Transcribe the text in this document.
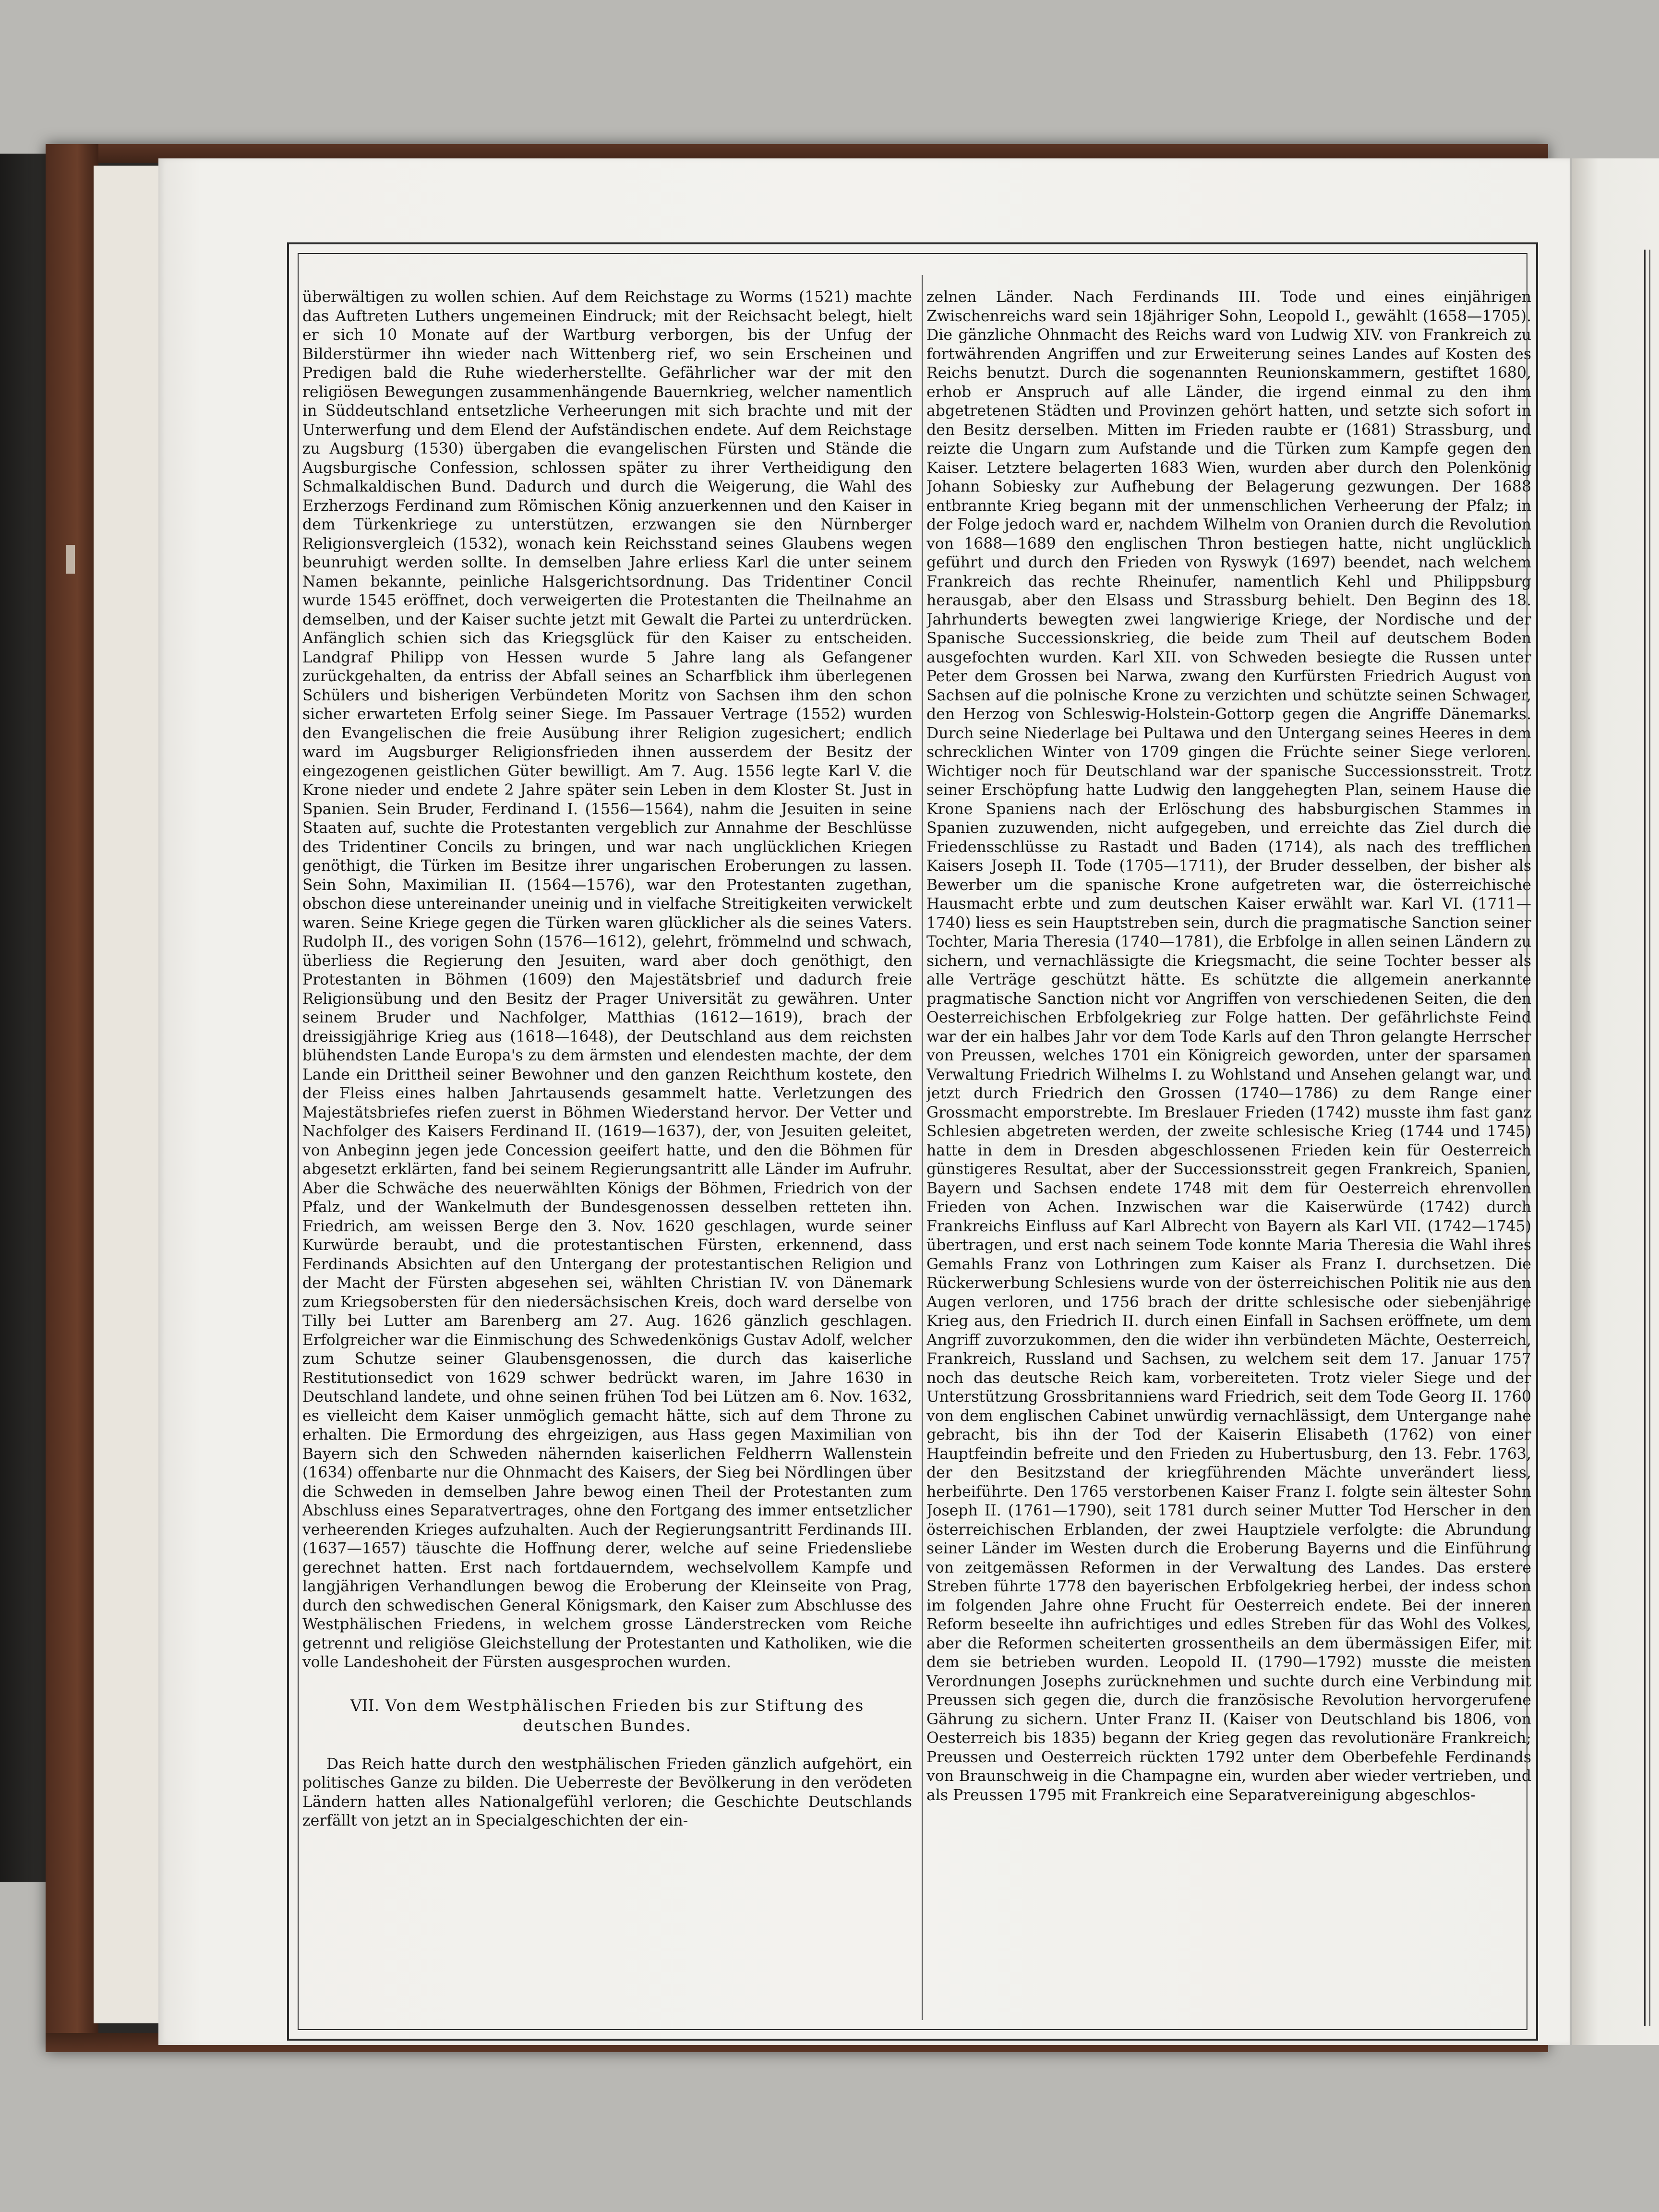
überwältigen zu wollen schien. Auf dem Reichstage zu Worms (1521) machte das Auftreten Luthers ungemeinen Eindruck; mit der Reichsacht belegt, hielt er sich 10 Monate auf der Wartburg verborgen, bis der Unfug der Bilderstürmer ihn wieder nach Wittenberg rief, wo sein Erscheinen und Predigen bald die Ruhe wiederherstellte. Gefährlicher war der mit den religiösen Bewegungen zusammenhängende Bauernkrieg, welcher namentlich in Süddeutschland entsetzliche Verheerungen mit sich brachte und mit der Unterwerfung und dem Elend der Aufständischen endete. Auf dem Reichstage zu Augsburg (1530) übergaben die evangelischen Fürsten und Stände die Augsburgische Confession, schlossen später zu ihrer Vertheidigung den Schmalkaldischen Bund. Dadurch und durch die Weigerung, die Wahl des Erzherzogs Ferdinand zum Römischen König anzuerkennen und den Kaiser in dem Türkenkriege zu unterstützen, erzwangen sie den Nürnberger Religionsvergleich (1532), wonach kein Reichsstand seines Glaubens wegen beunruhigt werden sollte. In demselben Jahre erliess Karl die unter seinem Namen bekannte, peinliche Halsgerichtsordnung. Das Tridentiner Concil wurde 1545 eröffnet, doch verweigerten die Protestanten die Theilnahme an demselben, und der Kaiser suchte jetzt mit Gewalt die Partei zu unterdrücken. Anfänglich schien sich das Kriegsglück für den Kaiser zu entscheiden. Landgraf Philipp von Hessen wurde 5 Jahre lang als Gefangener zurückgehalten, da entriss der Abfall seines an Scharfblick ihm überlegenen Schülers und bisherigen Verbündeten Moritz von Sachsen ihm den schon sicher erwarteten Erfolg seiner Siege. Im Passauer Vertrage (1552) wurden den Evangelischen die freie Ausübung ihrer Religion zugesichert; endlich ward im Augsburger Religionsfrieden ihnen ausserdem der Besitz der eingezogenen geistlichen Güter bewilligt. Am 7. Aug. 1556 legte Karl V. die Krone nieder und endete 2 Jahre später sein Leben in dem Kloster St. Just in Spanien. Sein Bruder, Ferdinand I. (1556—1564), nahm die Jesuiten in seine Staaten auf, suchte die Protestanten vergeblich zur Annahme der Beschlüsse des Tridentiner Concils zu bringen, und war nach unglücklichen Kriegen genöthigt, die Türken im Besitze ihrer ungarischen Eroberungen zu lassen. Sein Sohn, Maximilian II. (1564—1576), war den Protestanten zugethan, obschon diese untereinander uneinig und in vielfache Streitigkeiten verwickelt waren. Seine Kriege gegen die Türken waren glücklicher als die seines Vaters. Rudolph II., des vorigen Sohn (1576—1612), gelehrt, frömmelnd und schwach, überliess die Regierung den Jesuiten, ward aber doch genöthigt, den Protestanten in Böhmen (1609) den Majestätsbrief und dadurch freie Religionsübung und den Besitz der Prager Universität zu gewähren. Unter seinem Bruder und Nachfolger, Matthias (1612—1619), brach der dreissigjährige Krieg aus (1618—1648), der Deutschland aus dem reichsten blühendsten Lande Europa's zu dem ärmsten und elendesten machte, der dem Lande ein Drittheil seiner Bewohner und den ganzen Reichthum kostete, den der Fleiss eines halben Jahrtausends gesammelt hatte. Verletzungen des Majestätsbriefes riefen zuerst in Böhmen Wiederstand hervor. Der Vetter und Nachfolger des Kaisers Ferdinand II. (1619—1637), der, von Jesuiten geleitet, von Anbeginn jegen jede Concession geeifert hatte, und den die Böhmen für abgesetzt erklärten, fand bei seinem Regierungsantritt alle Länder im Aufruhr. Aber die Schwäche des neuerwählten Königs der Böhmen, Friedrich von der Pfalz, und der Wankelmuth der Bundesgenossen desselben retteten ihn. Friedrich, am weissen Berge den 3. Nov. 1620 geschlagen, wurde seiner Kurwürde beraubt, und die protestantischen Fürsten, erkennend, dass Ferdinands Absichten auf den Untergang der protestantischen Religion und der Macht der Fürsten abgesehen sei, wählten Christian IV. von Dänemark zum Kriegsobersten für den niedersächsischen Kreis, doch ward derselbe von Tilly bei Lutter am Barenberg am 27. Aug. 1626 gänzlich geschlagen. Erfolgreicher war die Einmischung des Schwedenkönigs Gustav Adolf, welcher zum Schutze seiner Glaubensgenossen, die durch das kaiserliche Restitutionsedict von 1629 schwer bedrückt waren, im Jahre 1630 in Deutschland landete, und ohne seinen frühen Tod bei Lützen am 6. Nov. 1632, es vielleicht dem Kaiser unmöglich gemacht hätte, sich auf dem Throne zu erhalten. Die Ermordung des ehrgeizigen, aus Hass gegen Maximilian von Bayern sich den Schweden nähernden kaiserlichen Feldherrn Wallenstein (1634) offenbarte nur die Ohnmacht des Kaisers, der Sieg bei Nördlingen über die Schweden in demselben Jahre bewog einen Theil der Protestanten zum Abschluss eines Separatvertrages, ohne den Fortgang des immer entsetzlicher verheerenden Krieges aufzuhalten. Auch der Regierungsantritt Ferdinands III. (1637—1657) täuschte die Hoffnung derer, welche auf seine Friedensliebe gerechnet hatten. Erst nach fortdauerndem, wechselvollem Kampfe und langjährigen Verhandlungen bewog die Eroberung der Kleinseite von Prag, durch den schwedischen General Königsmark, den Kaiser zum Abschlusse des Westphälischen Friedens, in welchem grosse Länderstrecken vom Reiche getrennt und religiöse Gleichstellung der Protestanten und Katholiken, wie die volle Landeshoheit der Fürsten ausgesprochen wurden.

VII. Von dem Westphälischen Frieden bis zur Stiftung des deutschen Bundes.

Das Reich hatte durch den westphälischen Frieden gänzlich aufgehört, ein politisches Ganze zu bilden. Die Ueberreste der Bevölkerung in den verödeten Ländern hatten alles Nationalgefühl verloren; die Geschichte Deutschlands zerfällt von jetzt an in Specialgeschichten der ein-

zelnen Länder. Nach Ferdinands III. Tode und eines einjährigen Zwischenreichs ward sein 18jähriger Sohn, Leopold I., gewählt (1658—1705). Die gänzliche Ohnmacht des Reichs ward von Ludwig XIV. von Frankreich zu fortwährenden Angriffen und zur Erweiterung seines Landes auf Kosten des Reichs benutzt. Durch die sogenannten Reunionskammern, gestiftet 1680, erhob er Anspruch auf alle Länder, die irgend einmal zu den ihm abgetretenen Städten und Provinzen gehört hatten, und setzte sich sofort in den Besitz derselben. Mitten im Frieden raubte er (1681) Strassburg, und reizte die Ungarn zum Aufstande und die Türken zum Kampfe gegen den Kaiser. Letztere belagerten 1683 Wien, wurden aber durch den Polenkönig Johann Sobiesky zur Aufhebung der Belagerung gezwungen. Der 1688 entbrannte Krieg begann mit der unmenschlichen Verheerung der Pfalz; in der Folge jedoch ward er, nachdem Wilhelm von Oranien durch die Revolution von 1688—1689 den englischen Thron bestiegen hatte, nicht unglücklich geführt und durch den Frieden von Ryswyk (1697) beendet, nach welchem Frankreich das rechte Rheinufer, namentlich Kehl und Philippsburg herausgab, aber den Elsass und Strassburg behielt. Den Beginn des 18. Jahrhunderts bewegten zwei langwierige Kriege, der Nordische und der Spanische Successionskrieg, die beide zum Theil auf deutschem Boden ausgefochten wurden. Karl XII. von Schweden besiegte die Russen unter Peter dem Grossen bei Narwa, zwang den Kurfürsten Friedrich August von Sachsen auf die polnische Krone zu verzichten und schützte seinen Schwager, den Herzog von Schleswig-Holstein-Gottorp gegen die Angriffe Dänemarks. Durch seine Niederlage bei Pultawa und den Untergang seines Heeres in dem schrecklichen Winter von 1709 gingen die Früchte seiner Siege verloren. Wichtiger noch für Deutschland war der spanische Successionsstreit. Trotz seiner Erschöpfung hatte Ludwig den langgehegten Plan, seinem Hause die Krone Spaniens nach der Erlöschung des habsburgischen Stammes in Spanien zuzuwenden, nicht aufgegeben, und erreichte das Ziel durch die Friedensschlüsse zu Rastadt und Baden (1714), als nach des trefflichen Kaisers Joseph II. Tode (1705—1711), der Bruder desselben, der bisher als Bewerber um die spanische Krone aufgetreten war, die österreichische Hausmacht erbte und zum deutschen Kaiser erwählt war. Karl VI. (1711—1740) liess es sein Hauptstreben sein, durch die pragmatische Sanction seiner Tochter, Maria Theresia (1740—1781), die Erbfolge in allen seinen Ländern zu sichern, und vernachlässigte die Kriegsmacht, die seine Tochter besser als alle Verträge geschützt hätte. Es schützte die allgemein anerkannte pragmatische Sanction nicht vor Angriffen von verschiedenen Seiten, die den Oesterreichischen Erbfolgekrieg zur Folge hatten. Der gefährlichste Feind war der ein halbes Jahr vor dem Tode Karls auf den Thron gelangte Herrscher von Preussen, welches 1701 ein Königreich geworden, unter der sparsamen Verwaltung Friedrich Wilhelms I. zu Wohlstand und Ansehen gelangt war, und jetzt durch Friedrich den Grossen (1740—1786) zu dem Range einer Grossmacht emporstrebte. Im Breslauer Frieden (1742) musste ihm fast ganz Schlesien abgetreten werden, der zweite schlesische Krieg (1744 und 1745) hatte in dem in Dresden abgeschlossenen Frieden kein für Oesterreich günstigeres Resultat, aber der Successionsstreit gegen Frankreich, Spanien, Bayern und Sachsen endete 1748 mit dem für Oesterreich ehrenvollen Frieden von Achen. Inzwischen war die Kaiserwürde (1742) durch Frankreichs Einfluss auf Karl Albrecht von Bayern als Karl VII. (1742—1745) übertragen, und erst nach seinem Tode konnte Maria Theresia die Wahl ihres Gemahls Franz von Lothringen zum Kaiser als Franz I. durchsetzen. Die Rückerwerbung Schlesiens wurde von der österreichischen Politik nie aus den Augen verloren, und 1756 brach der dritte schlesische oder siebenjährige Krieg aus, den Friedrich II. durch einen Einfall in Sachsen eröffnete, um dem Angriff zuvorzukommen, den die wider ihn verbündeten Mächte, Oesterreich, Frankreich, Russland und Sachsen, zu welchem seit dem 17. Januar 1757 noch das deutsche Reich kam, vorbereiteten. Trotz vieler Siege und der Unterstützung Grossbritanniens ward Friedrich, seit dem Tode Georg II. 1760 von dem englischen Cabinet unwürdig vernachlässigt, dem Untergange nahe gebracht, bis ihn der Tod der Kaiserin Elisabeth (1762) von einer Hauptfeindin befreite und den Frieden zu Hubertusburg, den 13. Febr. 1763, der den Besitzstand der kriegführenden Mächte unverändert liess, herbeiführte. Den 1765 verstorbenen Kaiser Franz I. folgte sein ältester Sohn Joseph II. (1761—1790), seit 1781 durch seiner Mutter Tod Herscher in den österreichischen Erblanden, der zwei Hauptziele verfolgte: die Abrundung seiner Länder im Westen durch die Eroberung Bayerns und die Einführung von zeitgemässen Reformen in der Verwaltung des Landes. Das erstere Streben führte 1778 den bayerischen Erbfolgekrieg herbei, der indess schon im folgenden Jahre ohne Frucht für Oesterreich endete. Bei der inneren Reform beseelte ihn aufrichtiges und edles Streben für das Wohl des Volkes, aber die Reformen scheiterten grossentheils an dem übermässigen Eifer, mit dem sie betrieben wurden. Leopold II. (1790—1792) musste die meisten Verordnungen Josephs zurücknehmen und suchte durch eine Verbindung mit Preussen sich gegen die, durch die französische Revolution hervorgerufene Gährung zu sichern. Unter Franz II. (Kaiser von Deutschland bis 1806, von Oesterreich bis 1835) begann der Krieg gegen das revolutionäre Frankreich; Preussen und Oesterreich rückten 1792 unter dem Oberbefehle Ferdinands von Braunschweig in die Champagne ein, wurden aber wieder vertrieben, und als Preussen 1795 mit Frankreich eine Separatvereinigung abgeschlos-
